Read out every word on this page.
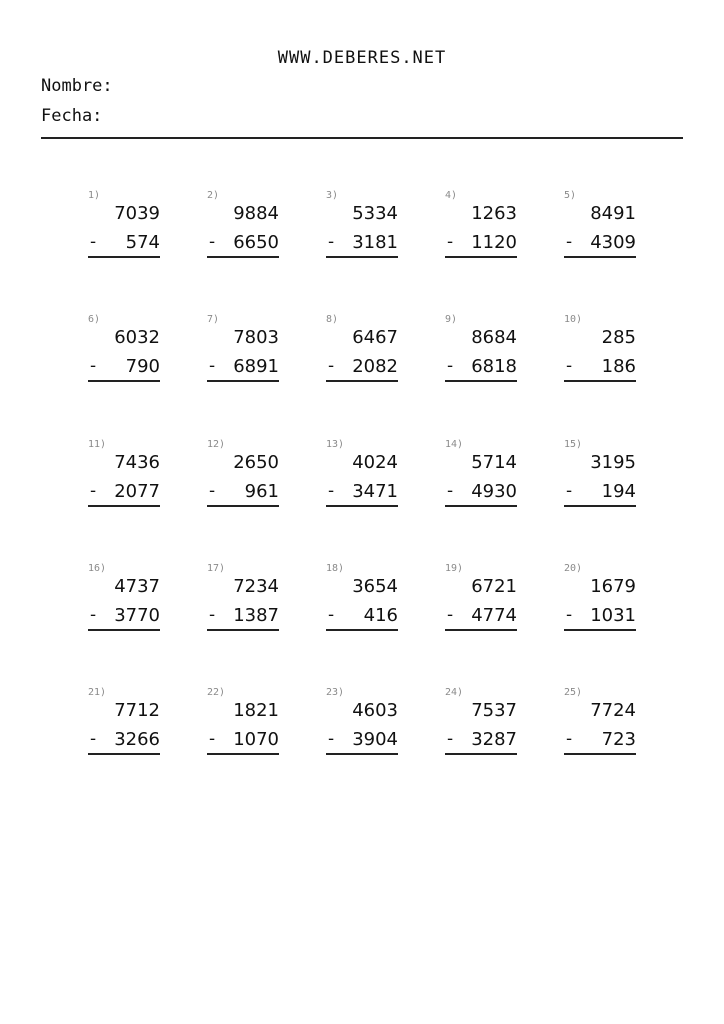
WWW.DEBERES.NET
Nombre:
Fecha:
1)
7039
- 574
2)
9884
- 6650
3)
5334
- 3181
4)
1263
- 1120
5)
8491
- 4309
6)
6032
- 790
7)
7803
- 6891
8)
6467
- 2082
9)
8684
- 6818
10)
285
- 186
11)
7436
- 2077
12)
2650
- 961
13)
4024
- 3471
14)
5714
- 4930
15)
3195
- 194
16)
4737
- 3770
17)
7234
- 1387
18)
3654
- 416
19)
6721
- 4774
20)
1679
- 1031
21)
7712
- 3266
22)
1821
- 1070
23)
4603
- 3904
24)
7537
- 3287
25)
7724
- 723
